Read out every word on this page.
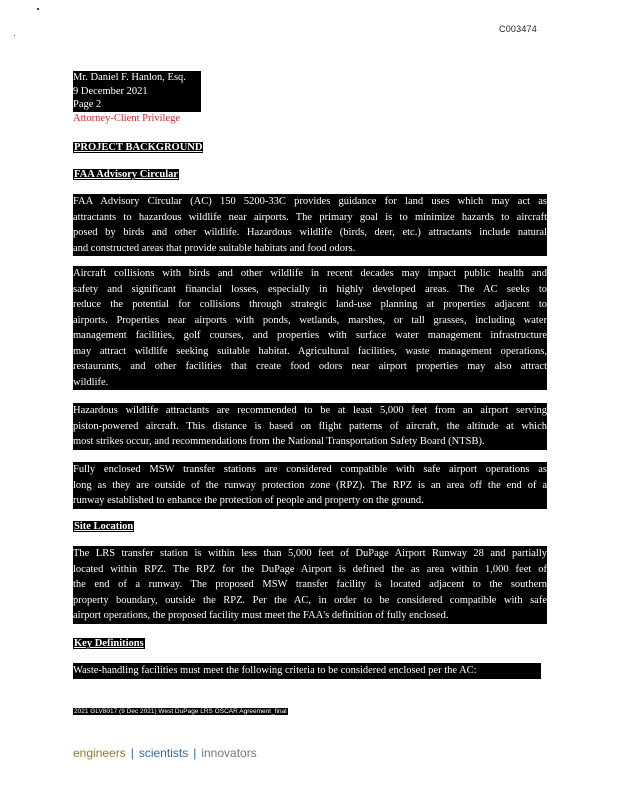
C003474
Mr. Daniel F. Hanlon, Esq.
9 December 2021
Page 2
Attorney-Client Privilege
PROJECT BACKGROUND
FAA Advisory Circular
FAA Advisory Circular (AC) 150 5200-33C provides guidance for land uses which may act as
attractants to hazardous wildlife near airports. The primary goal is to minimize hazards to aircraft
posed by birds and other wildlife. Hazardous wildlife (birds, deer, etc.) attractants include natural
and constructed areas that provide suitable habitats and food odors.
Aircraft collisions with birds and other wildlife in recent decades may impact public health and
safety and significant financial losses, especially in highly developed areas. The AC seeks to
reduce the potential for collisions through strategic land-use planning at properties adjacent to
airports. Properties near airports with ponds, wetlands, marshes, or tall grasses, including water
management facilities, golf courses, and properties with surface water management infrastructure
may attract wildlife seeking suitable habitat. Agricultural facilities, waste management operations,
restaurants, and other facilities that create food odors near airport properties may also attract
wildlife.
Hazardous wildlife attractants are recommended to be at least 5,000 feet from an airport serving
piston-powered aircraft. This distance is based on flight patterns of aircraft, the altitude at which
most strikes occur, and recommendations from the National Transportation Safety Board (NTSB).
Fully enclosed MSW transfer stations are considered compatible with safe airport operations as
long as they are outside of the runway protection zone (RPZ). The RPZ is an area off the end of a
runway established to enhance the protection of people and property on the ground.
Site Location
The LRS transfer station is within less than 5,000 feet of DuPage Airport Runway 28 and partially
located within RPZ. The RPZ for the DuPage Airport is defined the as area within 1,000 feet of
the end of a runway. The proposed MSW transfer facility is located adjacent to the southern
property boundary, outside the RPZ. Per the AC, in order to be considered compatible with safe
airport operations, the proposed facility must meet the FAA's definition of fully enclosed.
Key Definitions
Waste-handling facilities must meet the following criteria to be considered enclosed per the AC:
2021 GLV8017 (9 Dec 2021) West DuPage LRS OSCAR Agreement_final
engineers | scientists | innovators
